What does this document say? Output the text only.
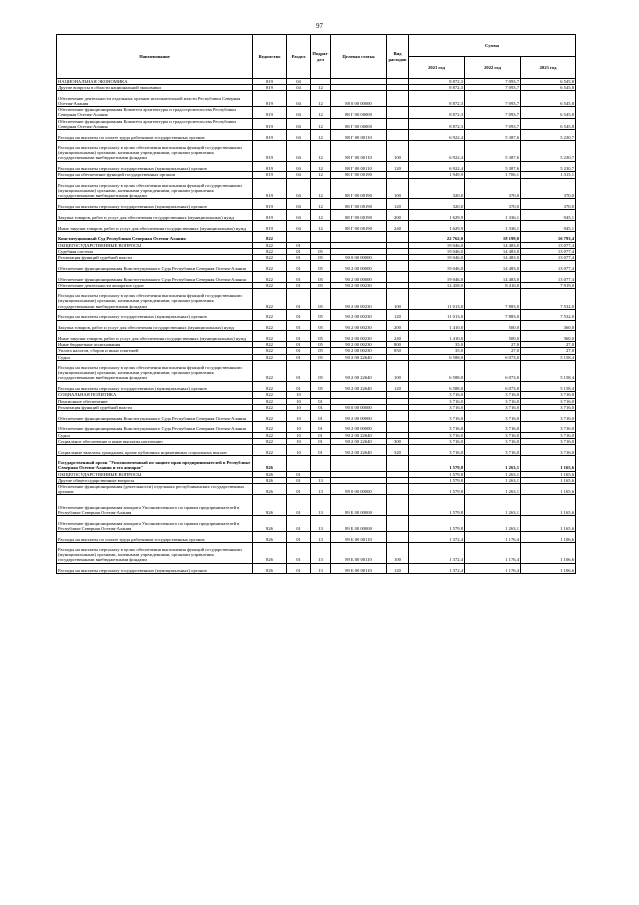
97
Наименование	Ведомство	Раздел	Подраз-дел	Целевая статья	Вид расходов	Сумма		
						2021 год	2022 год	2023 год
НАЦИОНАЛЬНАЯ ЭКОНОМИКА	819	04				8 872,3	7 093,7	6 545,8
Другие вопросы в области национальной экономики	819	04	12			8 872,3	7 093,7	6 545,8
Обеспечение деятельности отдельных органов исполнительной власти Республики Северная Осетия-Алания	819	04	12	88 0 00 00000		8 872,3	7 093,7	6 545,8
Обеспечение функционирования Комитета архитектуры и градостроительства Республики Северная Осетия-Алания	819	04	12	88 Г 00 00000		8 872,3	7 093,7	6 545,8
Обеспечение функционирования Комитета архитектуры и градостроительства Республики Северная Осетия-Алания	819	04	12	88 Г 00 00000		8 872,3	7 093,7	6 545,8
Расходы на выплаты по оплате труда работников государственных органов	819	04	12	88 Г 00 00110		6 922,4	5 387,6	5 230,7
Расходы на выплаты персоналу в целях обеспечения выполнения функций государственными (муниципальными) органами, казенными учреждениями, органами управления государственными внебюджетными фондами	819	04	12	88 Г 00 00110	100	6 922,4	5 387,6	5 230,7
Расходы на выплаты персоналу государственных (муниципальных) органов	819	04	12	88 Г 00 00110	120	6 922,4	5 387,6	5 230,7
Расходы на обеспечение функций государственных органов	819	04	12	88 Г 00 00190		1 949,9	1 706,1	1 315,1
Расходы на выплаты персоналу в целях обеспечения выполнения функций государственными (муниципальными) органами, казенными учреждениями, органами управления государственными внебюджетными фондами	819	04	12	88 Г 00 00190	100	320,0	370,0	370,0
Расходы на выплаты персоналу государственных (муниципальных) органов	819	04	12	88 Г 00 00190	120	320,0	370,0	370,0
Закупка товаров, работ и услуг для обеспечения государственных (муниципальных) нужд	819	04	12	88 Г 00 00190	200	1 629,9	1 336,1	945,1
Иные закупки товаров, работ и услуг для обеспечения государственных (муниципальных) нужд	819	04	12	88 Г 00 00190	240	1 629,9	1 336,1	945,1
Конституционный Суд Республики Северная Осетия-Алания	822					22 762,0	18 199,0	16 793,4
ОБЩЕГОСУДАРСТВЕННЫЕ ВОПРОСЫ	822	01				19 046,0	14 483,0	13 077,4
Судебная система	822	01	05			19 046,0	14 483,0	13 077,4
Реализация функций судебной власти	822	01	05	90 0 00 00000		19 046,0	14 483,0	13 077,4
Обеспечение функционирования Конституционного Суда Республики Северная Осетия-Алания	822	01	05	90 2 00 00000		19 046,0	14 483,0	13 077,4
Обеспечение функционирования Конституционного Суда Республики Северная Осетия-Алания	822	01	05	90 2 00 00000		19 046,0	14 483,0	13 077,4
Обеспечение деятельности аппаратов судов	822	01	05	90 2 00 00230		12 458,0	8 410,0	7 919,0
Расходы на выплаты персоналу в целях обеспечения выполнения функций государственными (муниципальными) органами, казенными учреждениями, органами управления государственными внебюджетными фондами	822	01	05	90 2 00 00230	100	11 013,0	7 883,0	7 532,0
Расходы на выплаты персоналу государственных (муниципальных) органов	822	01	05	90 2 00 00230	120	11 013,0	7 883,0	7 532,0
Закупка товаров, работ и услуг для обеспечения государственных (муниципальных) нужд	822	01	05	90 2 00 00230	200	1 410,0	500,0	360,0
Иные закупки товаров, работ и услуг для обеспечения государственных (муниципальных) нужд	822	01	05	90 2 00 00230	240	1 410,0	500,0	360,0
Иные бюджетные ассигнования	822	01	05	90 2 00 00230	800	35,0	27,0	27,0
Уплата налогов, сборов и иных платежей	822	01	05	90 2 00 00230	850	35,0	27,0	27,0
Судьи	822	01	05	90 2 00 22640		6 588,0	6 073,0	5 158,4
Расходы на выплаты персоналу в целях обеспечения выполнения функций государственными (муниципальными) органами, казенными учреждениями, органами управления государственными внебюджетными фондами	822	01	05	90 2 00 22640	100	6 588,0	6 073,0	5 158,4
Расходы на выплаты персоналу государственных (муниципальных) органов	822	01	05	90 2 00 22640	120	6 588,0	6 073,0	5 158,4
СОЦИАЛЬНАЯ ПОЛИТИКА	822	10				3 716,0	3 716,0	3 716,0
Пенсионное обеспечение	822	10	01			3 716,0	3 716,0	3 716,0
Реализация функций судебной власти	822	10	01	90 0 00 00000		3 716,0	3 716,0	3 716,0
Обеспечение функционирования Конституционного Суда Республики Северная Осетия-Алания	822	10	01	90 2 00 00000		3 716,0	3 716,0	3 716,0
Обеспечение функционирования Конституционного Суда Республики Северная Осетия-Алания	822	10	01	90 2 00 00000		3 716,0	3 716,0	3 716,0
Судьи	822	10	01	90 2 00 22640		3 716,0	3 716,0	3 716,0
Социальное обеспечение и иные выплаты населению	822	10	01	90 2 00 22640	300	3 716,0	3 716,0	3 716,0
Социальные выплаты гражданам, кроме публичных нормативных социальных выплат	822	10	01	90 2 00 22640	320	3 716,0	3 716,0	3 716,0
Государственный орган "Уполномоченный по защите прав предпринимателей в Республике Северная Осетия-Алания и его аппарат"	826					1 579,8	1 263,1	1 165,6
ОБЩЕГОСУДАРСТВЕННЫЕ ВОПРОСЫ	826	01				1 579,8	1 263,1	1 165,6
Другие общегосударственные вопросы	826	01	13			1 579,8	1 263,1	1 165,6
Обеспечение функционирования (деятельности) отдельных республиканских государственных органов	826	01	13	89 0 00 00000		1 579,8	1 263,1	1 165,6
Обеспечение функционирования аппарата Уполномоченного по правам предпринимателей в Республике Северная Осетия-Алания	826	01	13	89 Б 00 00000		1 579,8	1 263,1	1 165,6
Обеспечение функционирования аппарата Уполномоченного по правам предпринимателей в Республике Северная Осетия-Алания	826	01	13	89 Б 00 00000		1 579,8	1 263,1	1 165,6
Расходы на выплаты по оплате труда работников государственных органов	826	01	13	89 Б 00 00110		1 372,4	1 176,4	1 106,6
Расходы на выплаты персоналу в целях обеспечения выполнения функций государственными (муниципальными) органами, казенными учреждениями, органами управления государственными внебюджетными фондами	826	01	13	89 Б 00 00110	100	1 372,4	1 176,4	1 106,6
Расходы на выплаты персоналу государственных (муниципальных) органов	826	01	13	89 Б 00 00110	120	1 372,4	1 176,4	1 106,6
